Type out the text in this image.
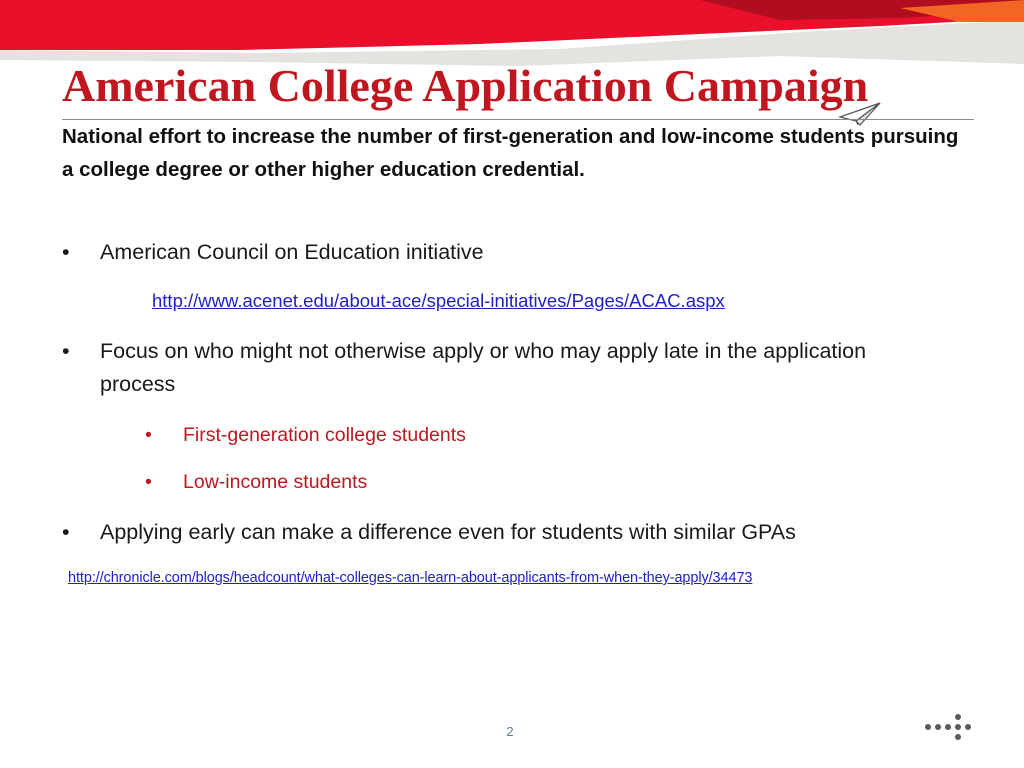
American College Application Campaign

National effort to increase the number of first-generation and low-income students pursuing a college degree or other higher education credential.

• American Council on Education initiative
http://www.acenet.edu/about-ace/special-initiatives/Pages/ACAC.aspx
• Focus on who might not otherwise apply or who may apply late in the application process
• First-generation college students
• Low-income students
• Applying early can make a difference even for students with similar GPAs
http://chronicle.com/blogs/headcount/what-colleges-can-learn-about-applicants-from-when-they-apply/34473
2
